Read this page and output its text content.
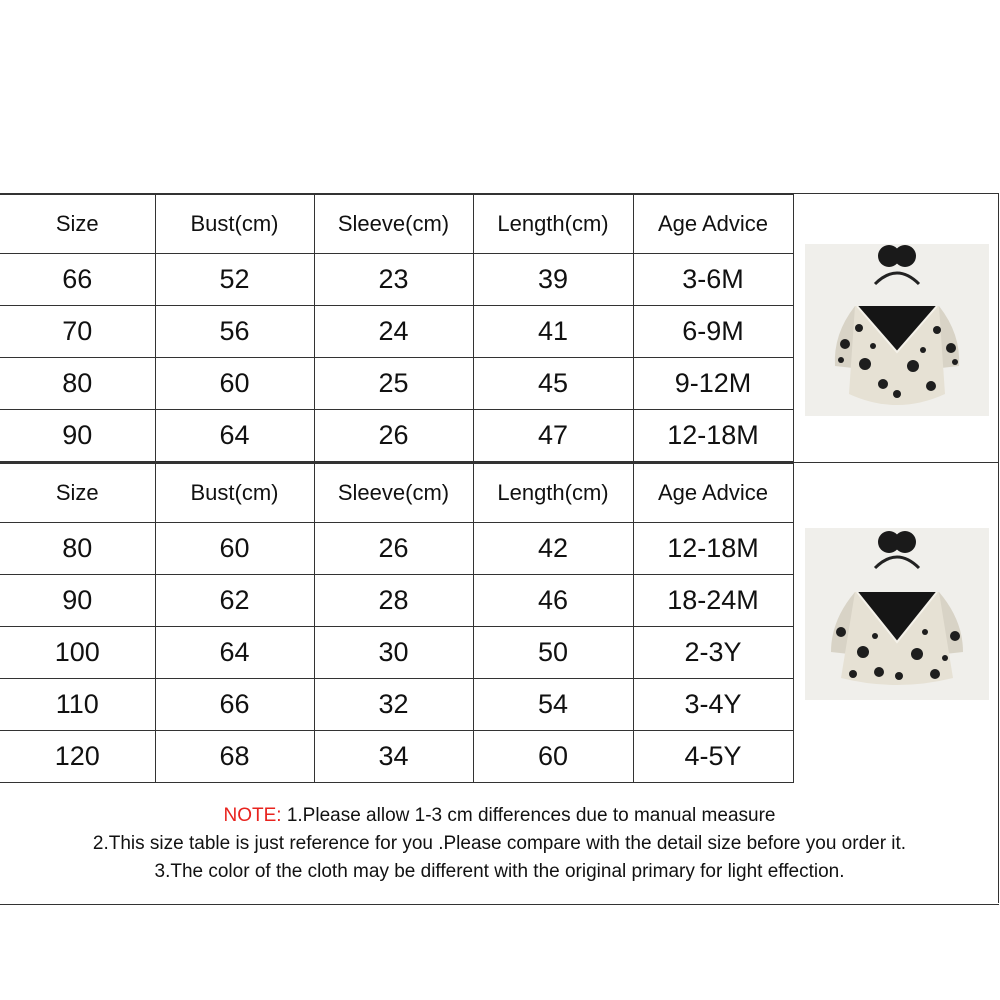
Size	Bust(cm)	Sleeve(cm)	Length(cm)	Age Advice
66	52	23	39	3-6M
70	56	24	41	6-9M
80	60	25	45	9-12M
90	64	26	47	12-18M
Size	Bust(cm)	Sleeve(cm)	Length(cm)	Age Advice
80	60	26	42	12-18M
90	62	28	46	18-24M
100	64	30	50	2-3Y
110	66	32	54	3-4Y
120	68	34	60	4-5Y
NOTE: 1.Please allow 1-3 cm differences due to manual measure
2.This size table is just reference for you .Please compare with the detail size before you order it.
3.The color of the cloth may be different with the original primary for light effection.
